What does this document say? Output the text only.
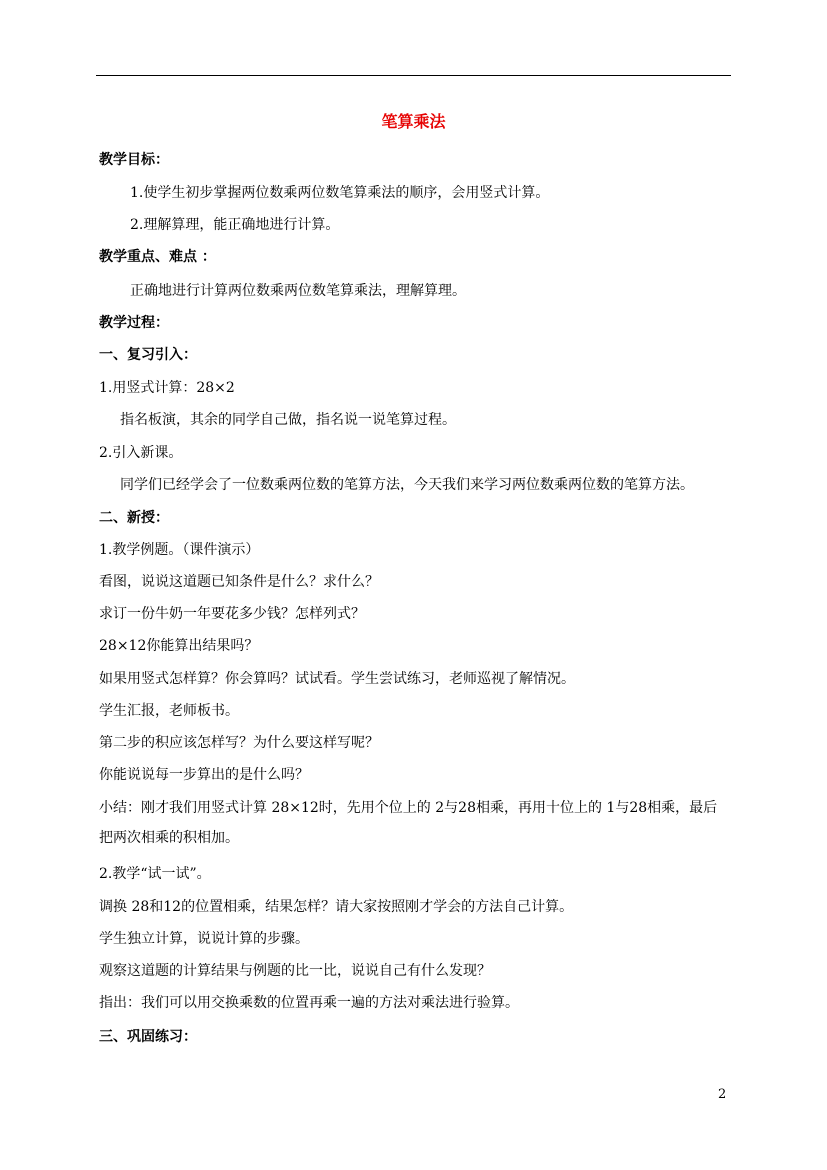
笔算乘法
教学目标：
1.使学生初步掌握两位数乘两位数笔算乘法的顺序，会用竖式计算。
2.理解算理，能正确地进行计算。
教学重点、难点 ：
正确地进行计算两位数乘两位数笔算乘法，理解算理。
教学过程：
一、复习引入：
1.用竖式计算：28×2
指名板演，其余的同学自己做，指名说一说笔算过程。
2.引入新课。
同学们已经学会了一位数乘两位数的笔算方法，今天我们来学习两位数乘两位数的笔算方法。
二、新授：
1.教学例题。（课件演示）
看图，说说这道题已知条件是什么？求什么？
求订一份牛奶一年要花多少钱？怎样列式？
28×12你能算出结果吗？
如果用竖式怎样算？你会算吗？试试看。学生尝试练习，老师巡视了解情况。
学生汇报，老师板书。
第二步的积应该怎样写？为什么要这样写呢？
你能说说每一步算出的是什么吗？
小结：刚才我们用竖式计算 28×12时，先用个位上的 2与28相乘，再用十位上的 1与28相乘，最后把两次相乘的积相加。
2.教学“试一试”。
调换 28和12的位置相乘，结果怎样？请大家按照刚才学会的方法自己计算。
学生独立计算，说说计算的步骤。
观察这道题的计算结果与例题的比一比，说说自己有什么发现？
指出：我们可以用交换乘数的位置再乘一遍的方法对乘法进行验算。
三、巩固练习：
2
